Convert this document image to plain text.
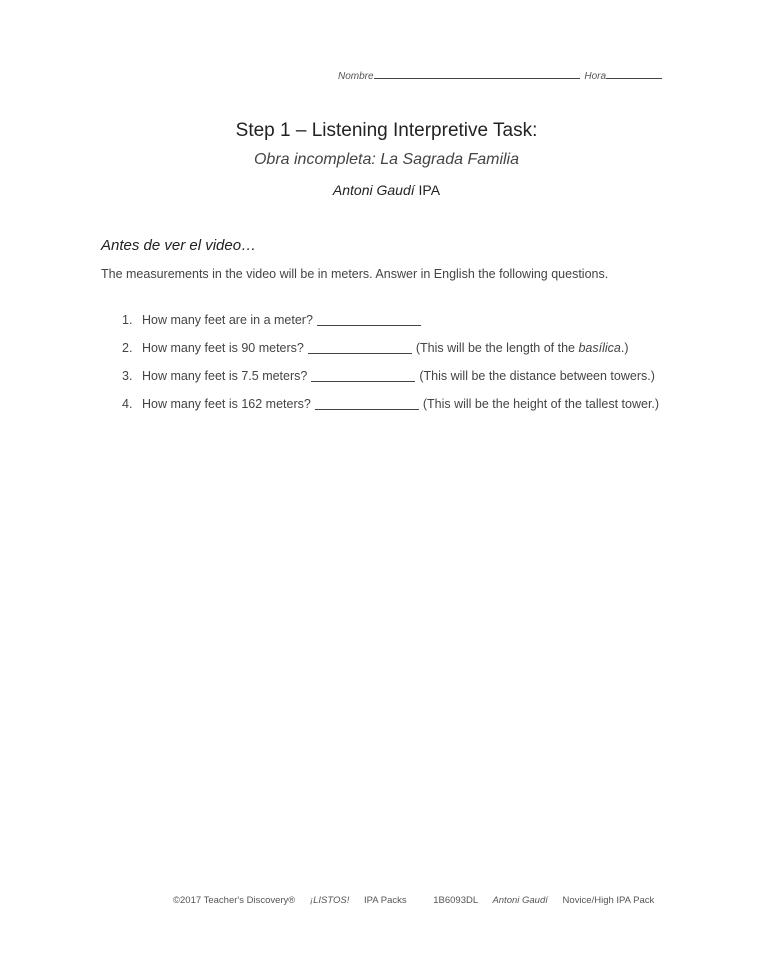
Nombre	Hora
Step 1 – Listening Interpretive Task:
Obra incompleta: La Sagrada Familia
Antoni Gaudí IPA
Antes de ver el video…
The measurements in the video will be in meters. Answer in English the following questions.
1. How many feet are in a meter?
2. How many feet is 90 meters?	(This will be the length of the basílica.)
3. How many feet is 7.5 meters?	(This will be the distance between towers.)
4. How many feet is 162 meters?	(This will be the height of the tallest tower.)
©2017 Teacher's Discovery® ¡LISTOS! IPA Packs	1B6093DL Antoni Gaudí Novice/High IPA Pack
